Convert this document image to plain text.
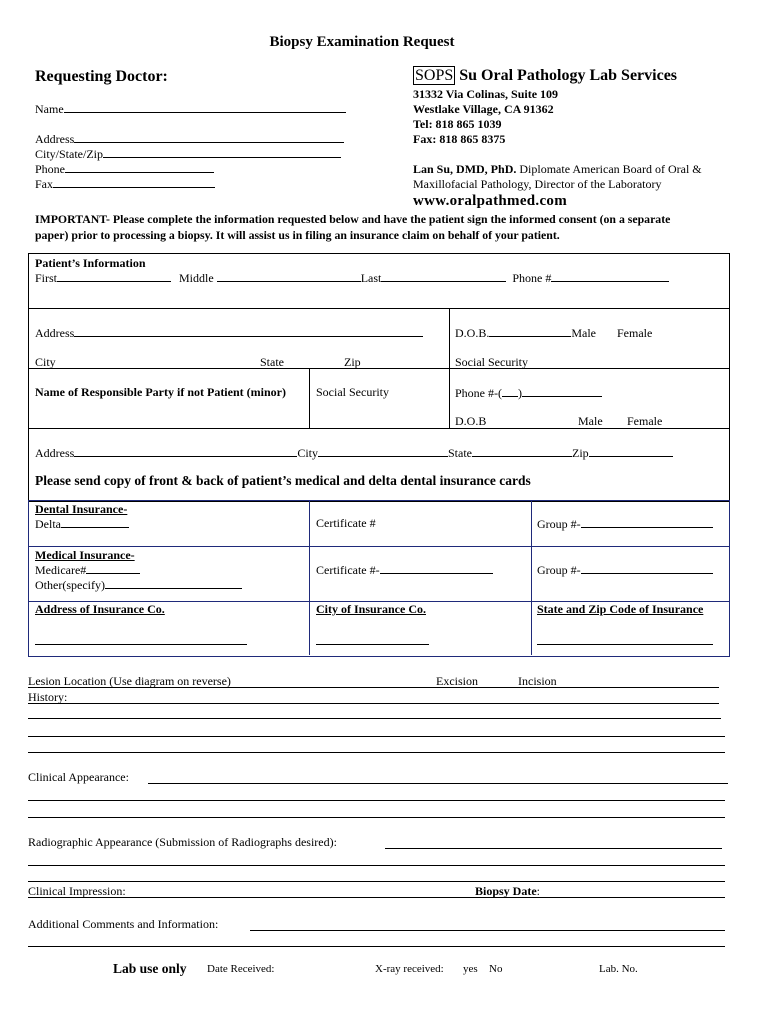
Biopsy Examination Request
Requesting Doctor:
Name
Address
City/State/Zip
Phone
Fax
SOPS Su Oral Pathology Lab Services
31332 Via Colinas, Suite 109
Westlake Village, CA 91362
Tel: 818 865 1039
Fax: 818 865 8375
Lan Su, DMD, PhD. Diplomate American Board of Oral &
Maxillofacial Pathology, Director of the Laboratory
www.oralpathmed.com
IMPORTANT- Please complete the information requested below and have the patient sign the informed consent (on a separate
paper) prior to processing a biopsy. It will assist us in filing an insurance claim on behalf of your patient.
Patient’s Information
First	Middle	Last	Phone #
Address	D.O.B.	Male Female
City	State	Zip	Social Security
Name of Responsible Party if not Patient (minor)	Social Security	Phone #-( )
D.O.B	Male Female
Address	City	State	Zip
Please send copy of front & back of patient’s medical and delta dental insurance cards
Dental Insurance-
Delta	Certificate #	Group #-
Medical Insurance-
Medicare#
Other(specify)
Certificate #-	Group #-
Address of Insurance Co.	City of Insurance Co.	State and Zip Code of Insurance
Lesion Location (Use diagram on reverse)	Excision	Incision
History:
Clinical Appearance:
Radiographic Appearance (Submission of Radiographs desired):
Clinical Impression:	Biopsy Date:
Additional Comments and Information:
Lab use only Date Received:	X-ray received: yes No	Lab. No.
